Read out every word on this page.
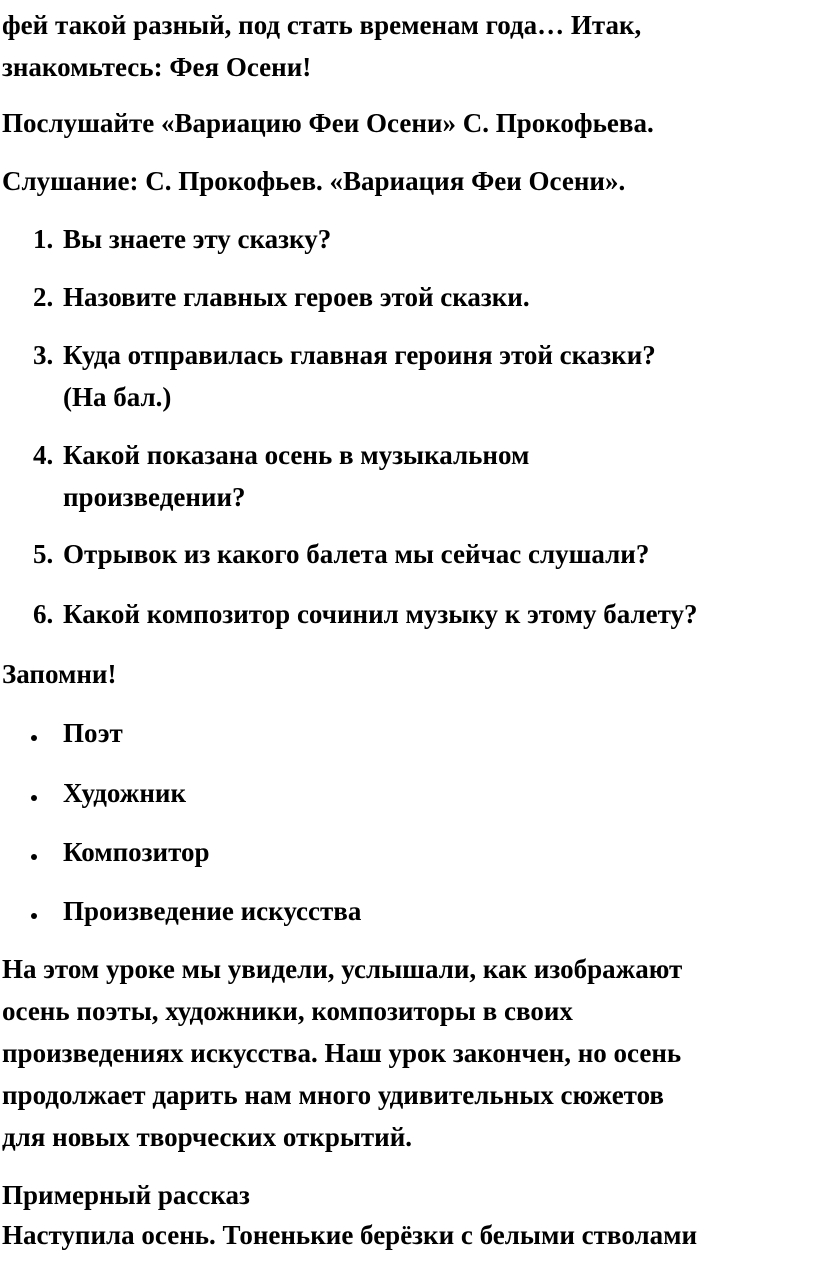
фей такой разный, под стать временам года… Итак,
знакомьтесь: Фея Осени!
Послушайте «Вариацию Феи Осени» С. Прокофьева.
Слушание: С. Прокофьев. «Вариация Феи Осени».
1. Вы знаете эту сказку?
2. Назовите главных героев этой сказки.
3. Куда отправилась главная героиня этой сказки?
(На бал.)
4. Какой показана осень в музыкальном
произведении?
5. Отрывок из какого балета мы сейчас слушали?
6. Какой композитор сочинил музыку к этому балету?
Запомни!
Поэт
Художник
Композитор
Произведение искусства
На этом уроке мы увидели, услышали, как изображают
осень поэты, художники, композиторы в своих
произведениях искусства. Наш урок закончен, но осень
продолжает дарить нам много удивительных сюжетов
для новых творческих открытий.
Примерный рассказ
Наступила осень. Тоненькие берёзки с белыми стволами
